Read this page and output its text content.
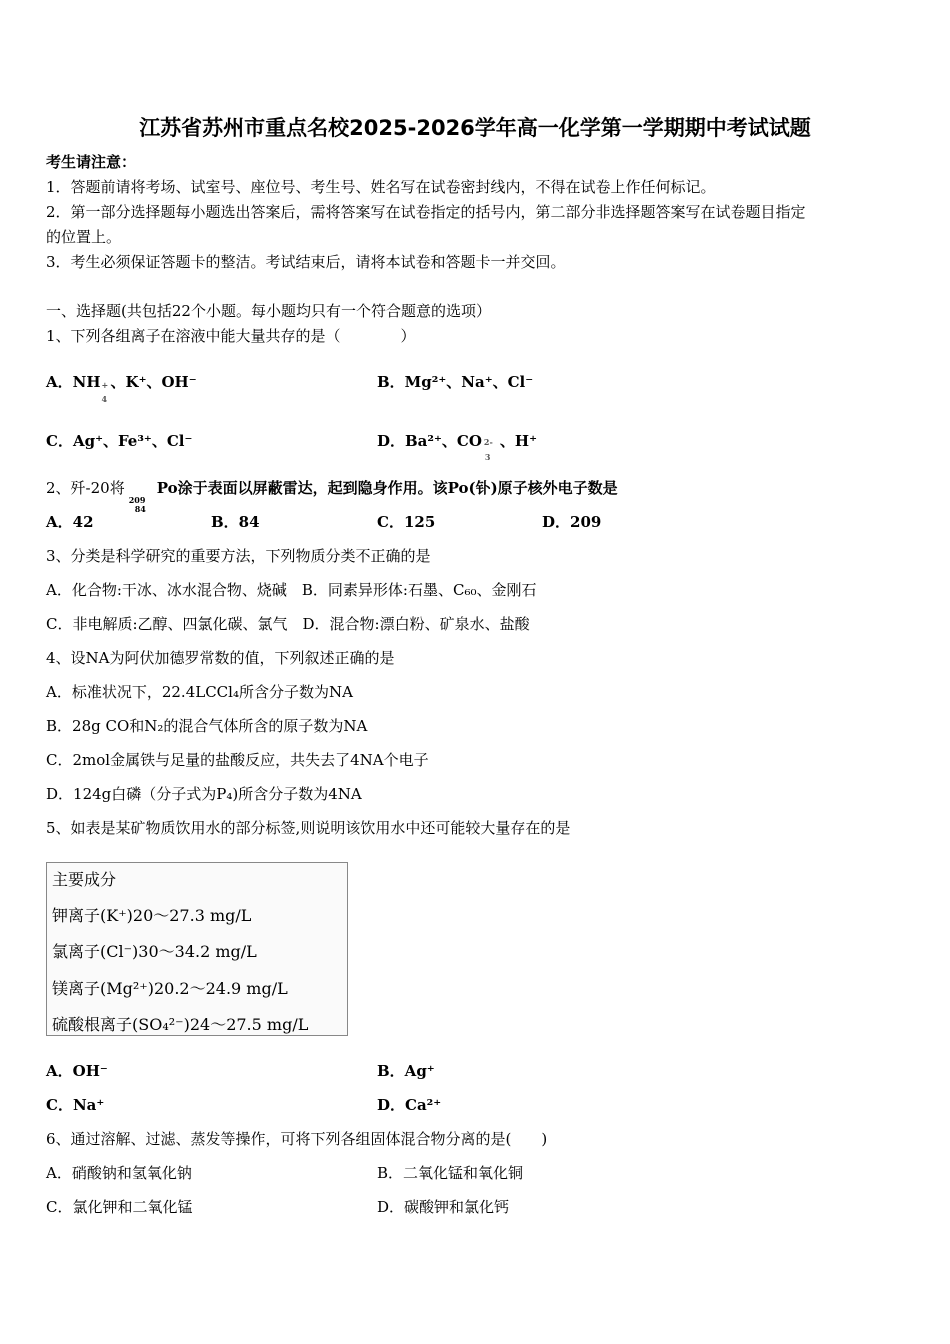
江苏省苏州市重点名校2025-2026学年高一化学第一学期期中考试试题
考生请注意：
1．答题前请将考场、试室号、座位号、考生号、姓名写在试卷密封线内，不得在试卷上作任何标记。
2．第一部分选择题每小题选出答案后，需将答案写在试卷指定的括号内，第二部分非选择题答案写在试卷题目指定
的位置上。
3．考生必须保证答题卡的整洁。考试结束后，请将本试卷和答题卡一并交回。
一、选择题(共包括22个小题。每小题均只有一个符合题意的选项）
1、下列各组离子在溶液中能大量共存的是（　　　　）
A．NH +
4
、K⁺、OH⁻	B．Mg²⁺、Na⁺、Cl⁻
C．Ag⁺、Fe³⁺、Cl⁻	D．Ba²⁺、CO 2-
3
、H⁺
2、歼-20将
209
84
Po涂于表面以屏蔽雷达，起到隐身作用。该Po(钋)原子核外电子数是
A．42	B．84	C．125	D．209
3、分类是科学研究的重要方法，下列物质分类不正确的是
A．化合物:干冰、冰水混合物、烧碱　B．同素异形体:石墨、C₆₀、金刚石
C．非电解质:乙醇、四氯化碳、氯气　D．混合物:漂白粉、矿泉水、盐酸
4、设NA为阿伏加德罗常数的值，下列叙述正确的是
A．标准状况下，22.4LCCl₄所含分子数为NA
B．28g CO和N₂的混合气体所含的原子数为NA
C．2mol金属铁与足量的盐酸反应，共失去了4NA个电子
D．124g白磷（分子式为P₄)所含分子数为4NA
5、如表是某矿物质饮用水的部分标签,则说明该饮用水中还可能较大量存在的是
主要成分
钾离子(K⁺)20～27.3 mg/L
氯离子(Cl⁻)30～34.2 mg/L
镁离子(Mg²⁺)20.2～24.9 mg/L
硫酸根离子(SO₄²⁻)24～27.5 mg/L
A．OH⁻	B．Ag⁺
C．Na⁺	D．Ca²⁺
6、通过溶解、过滤、蒸发等操作，可将下列各组固体混合物分离的是(　　)
A．硝酸钠和氢氧化钠	B．二氧化锰和氧化铜
C．氯化钾和二氧化锰	D．碳酸钾和氯化钙
